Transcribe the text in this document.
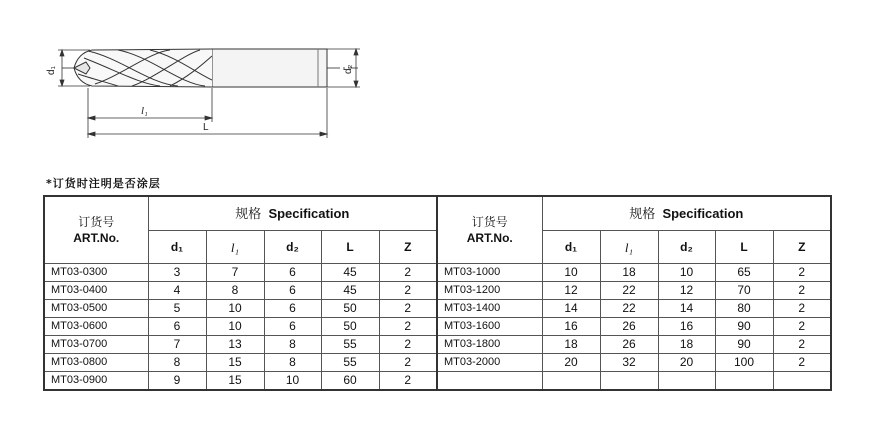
d₁	d₂
l₁
L
*订货时注明是否涂层
订货号
ART.No.	规格 Specification				
	d₁	l₁	d₂	L	Z
MT03-0300	3	7	6	45	2
MT03-0400	4	8	6	45	2
MT03-0500	5	10	6	50	2
MT03-0600	6	10	6	50	2
MT03-0700	7	13	8	55	2
MT03-0800	8	15	8	55	2
MT03-0900	9	15	10	60	2
订货号
ART.No.	规格 Specification				
	d₁	l₁	d₂	L	Z
MT03-1000	10	18	10	65	2
MT03-1200	12	22	12	70	2
MT03-1400	14	22	14	80	2
MT03-1600	16	26	16	90	2
MT03-1800	18	26	18	90	2
MT03-2000	20	32	20	100	2
